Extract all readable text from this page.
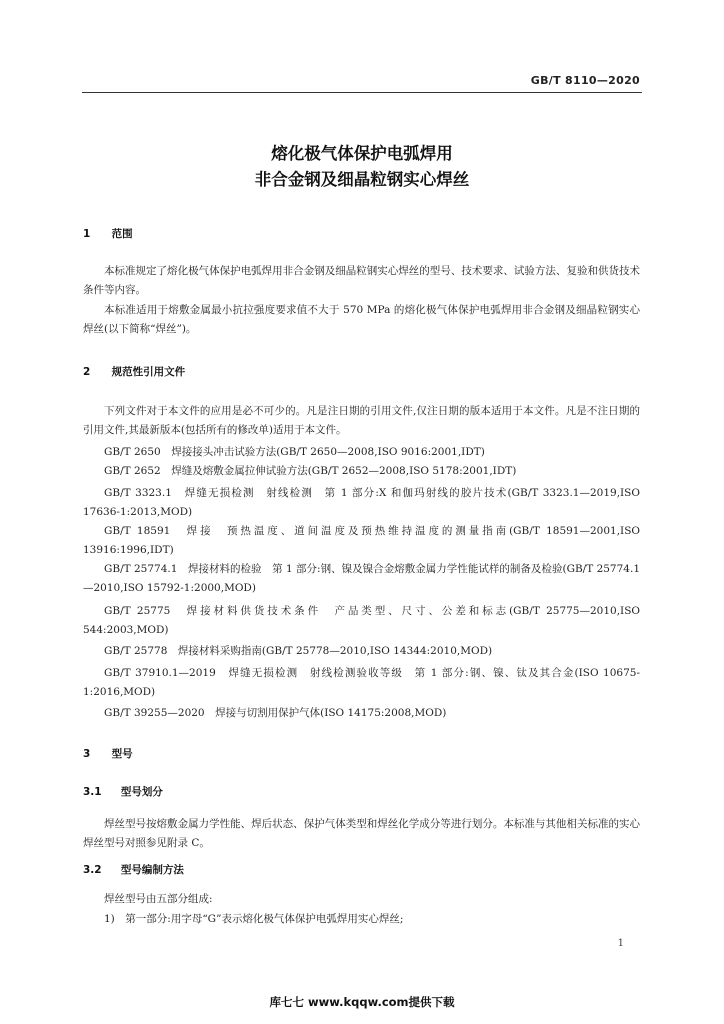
GB/T 8110—2020
熔化极气体保护电弧焊用
非合金钢及细晶粒钢实心焊丝
1 范围

本标准规定了熔化极气体保护电弧焊用非合金钢及细晶粒钢实心焊丝的型号、技术要求、试验方法、复验和供货技术条件等内容。

本标准适用于熔敷金属最小抗拉强度要求值不大于 570 MPa 的熔化极气体保护电弧焊用非合金钢及细晶粒钢实心焊丝(以下简称“焊丝”)。

2 规范性引用文件

下列文件对于本文件的应用是必不可少的。凡是注日期的引用文件,仅注日期的版本适用于本文件。凡是不注日期的引用文件,其最新版本(包括所有的修改单)适用于本文件。

GB/T 2650　焊接接头冲击试验方法(GB/T 2650—2008,ISO 9016:2001,IDT)

GB/T 2652　焊缝及熔敷金属拉伸试验方法(GB/T 2652—2008,ISO 5178:2001,IDT)

GB/T 3323.1　焊缝无损检测　射线检测　第 1 部分:X 和伽玛射线的胶片技术(GB/T 3323.1—2019,ISO 17636-1:2013,MOD)

GB/T 18591　焊接　预热温度、道间温度及预热维持温度的测量指南(GB/T 18591—2001,ISO 13916:1996,IDT)

GB/T 25774.1　焊接材料的检验　第 1 部分:钢、镍及镍合金熔敷金属力学性能试样的制备及检验(GB/T 25774.1—2010,ISO 15792-1:2000,MOD)

GB/T 25775　焊接材料供货技术条件　产品类型、尺寸、公差和标志(GB/T 25775—2010,ISO 544:2003,MOD)

GB/T 25778　焊接材料采购指南(GB/T 25778—2010,ISO 14344:2010,MOD)

GB/T 37910.1—2019　焊缝无损检测　射线检测验收等级　第 1 部分:钢、镍、钛及其合金(ISO 10675-1:2016,MOD)

GB/T 39255—2020　焊接与切割用保护气体(ISO 14175:2008,MOD)

3 型号
3.1 型号划分

焊丝型号按熔敷金属力学性能、焊后状态、保护气体类型和焊丝化学成分等进行划分。本标准与其他相关标准的实心焊丝型号对照参见附录 C。

3.2 型号编制方法

焊丝型号由五部分组成:

1)　第一部分:用字母“G”表示熔化极气体保护电弧焊用实心焊丝;

1
库七七 www.kqqw.com提供下载
